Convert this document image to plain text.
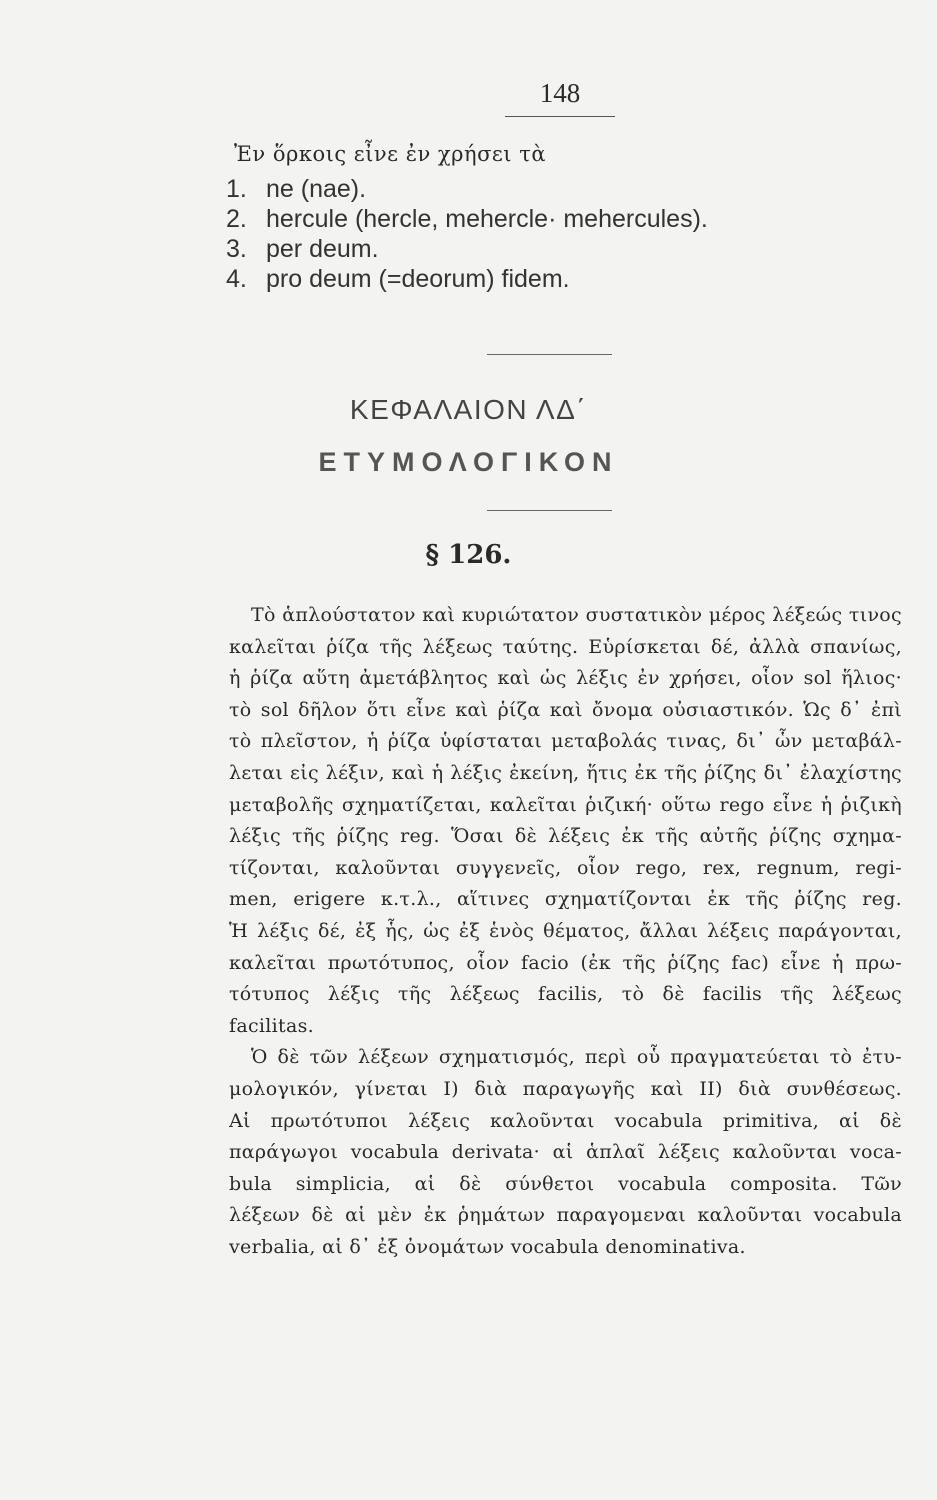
148
Ἐν ὅρκοις εἶνε ἐν χρήσει τὰ
1. ne (nae).
2. hercule (hercle, mehercle· mehercules).
3. per deum.
4. pro deum (=deorum) fidem.
ΚΕΦΑΛΑΙΟΝ ΛΔ΄
ΕΤΥΜΟΛΟΓΙΚΟΝ
§ 126.
Τὸ ἁπλούστατον καὶ κυριώτατον συστατικὸν μέρος λέξεώς τινος
καλεῖται ῥίζα τῆς λέξεως ταύτης. Εὑρίσκεται δέ, ἀλλὰ σπανίως,
ἡ ῥίζα αὕτη ἀμετάβλητος καὶ ὡς λέξις ἐν χρήσει, οἷον sol ἥλιος·
τὸ sol δῆλον ὅτι εἶνε καὶ ῥίζα καὶ ὄνομα οὐσιαστικόν. Ὡς δ᾽ ἐπὶ
τὸ πλεῖστον, ἡ ῥίζα ὑφίσταται μεταβολάς τινας, δι᾽ ὧν μεταβάλ-
λεται εἰς λέξιν, καὶ ἡ λέξις ἐκείνη, ἥτις ἐκ τῆς ῥίζης δι᾽ ἐλαχίστης
μεταβολῆς σχηματίζεται, καλεῖται ῥιζική· οὕτω rego εἶνε ἡ ῥιζικὴ
λέξις τῆς ῥίζης reg. Ὅσαι δὲ λέξεις ἐκ τῆς αὐτῆς ῥίζης σχημα-
τίζονται, καλοῦνται συγγενεῖς, οἷον rego, rex, regnum, regi-
men, erigere κ.τ.λ., αἵτινες σχηματίζονται ἐκ τῆς ῥίζης reg.
Ἡ λέξις δέ, ἐξ ἧς, ὡς ἐξ ἑνὸς θέματος, ἄλλαι λέξεις παράγονται,
καλεῖται πρωτότυπος, οἷον facio (ἐκ τῆς ῥίζης fac) εἶνε ἡ πρω-
τότυπος λέξις τῆς λέξεως facilis, τὸ δὲ facilis τῆς λέξεως
facilitas.
Ὁ δὲ τῶν λέξεων σχηματισμός, περὶ οὗ πραγματεύεται τὸ ἐτυ-
μολογικόν, γίνεται Ι) διὰ παραγωγῆς καὶ ΙΙ) διὰ συνθέσεως.
Αἱ πρωτότυποι λέξεις καλοῦνται vocabula primitiva, αἱ δὲ
παράγωγοι vocabula derivata· αἱ ἁπλαῖ λέξεις καλοῦνται voca-
bula simplicia, αἱ δὲ σύνθετοι vocabula composita. Τῶν
λέξεων δὲ αἱ μὲν ἐκ ῥημάτων παραγομεναι καλοῦνται vocabula
verbalia, αἱ δ᾽ ἐξ ὀνομάτων vocabula denominativa.
